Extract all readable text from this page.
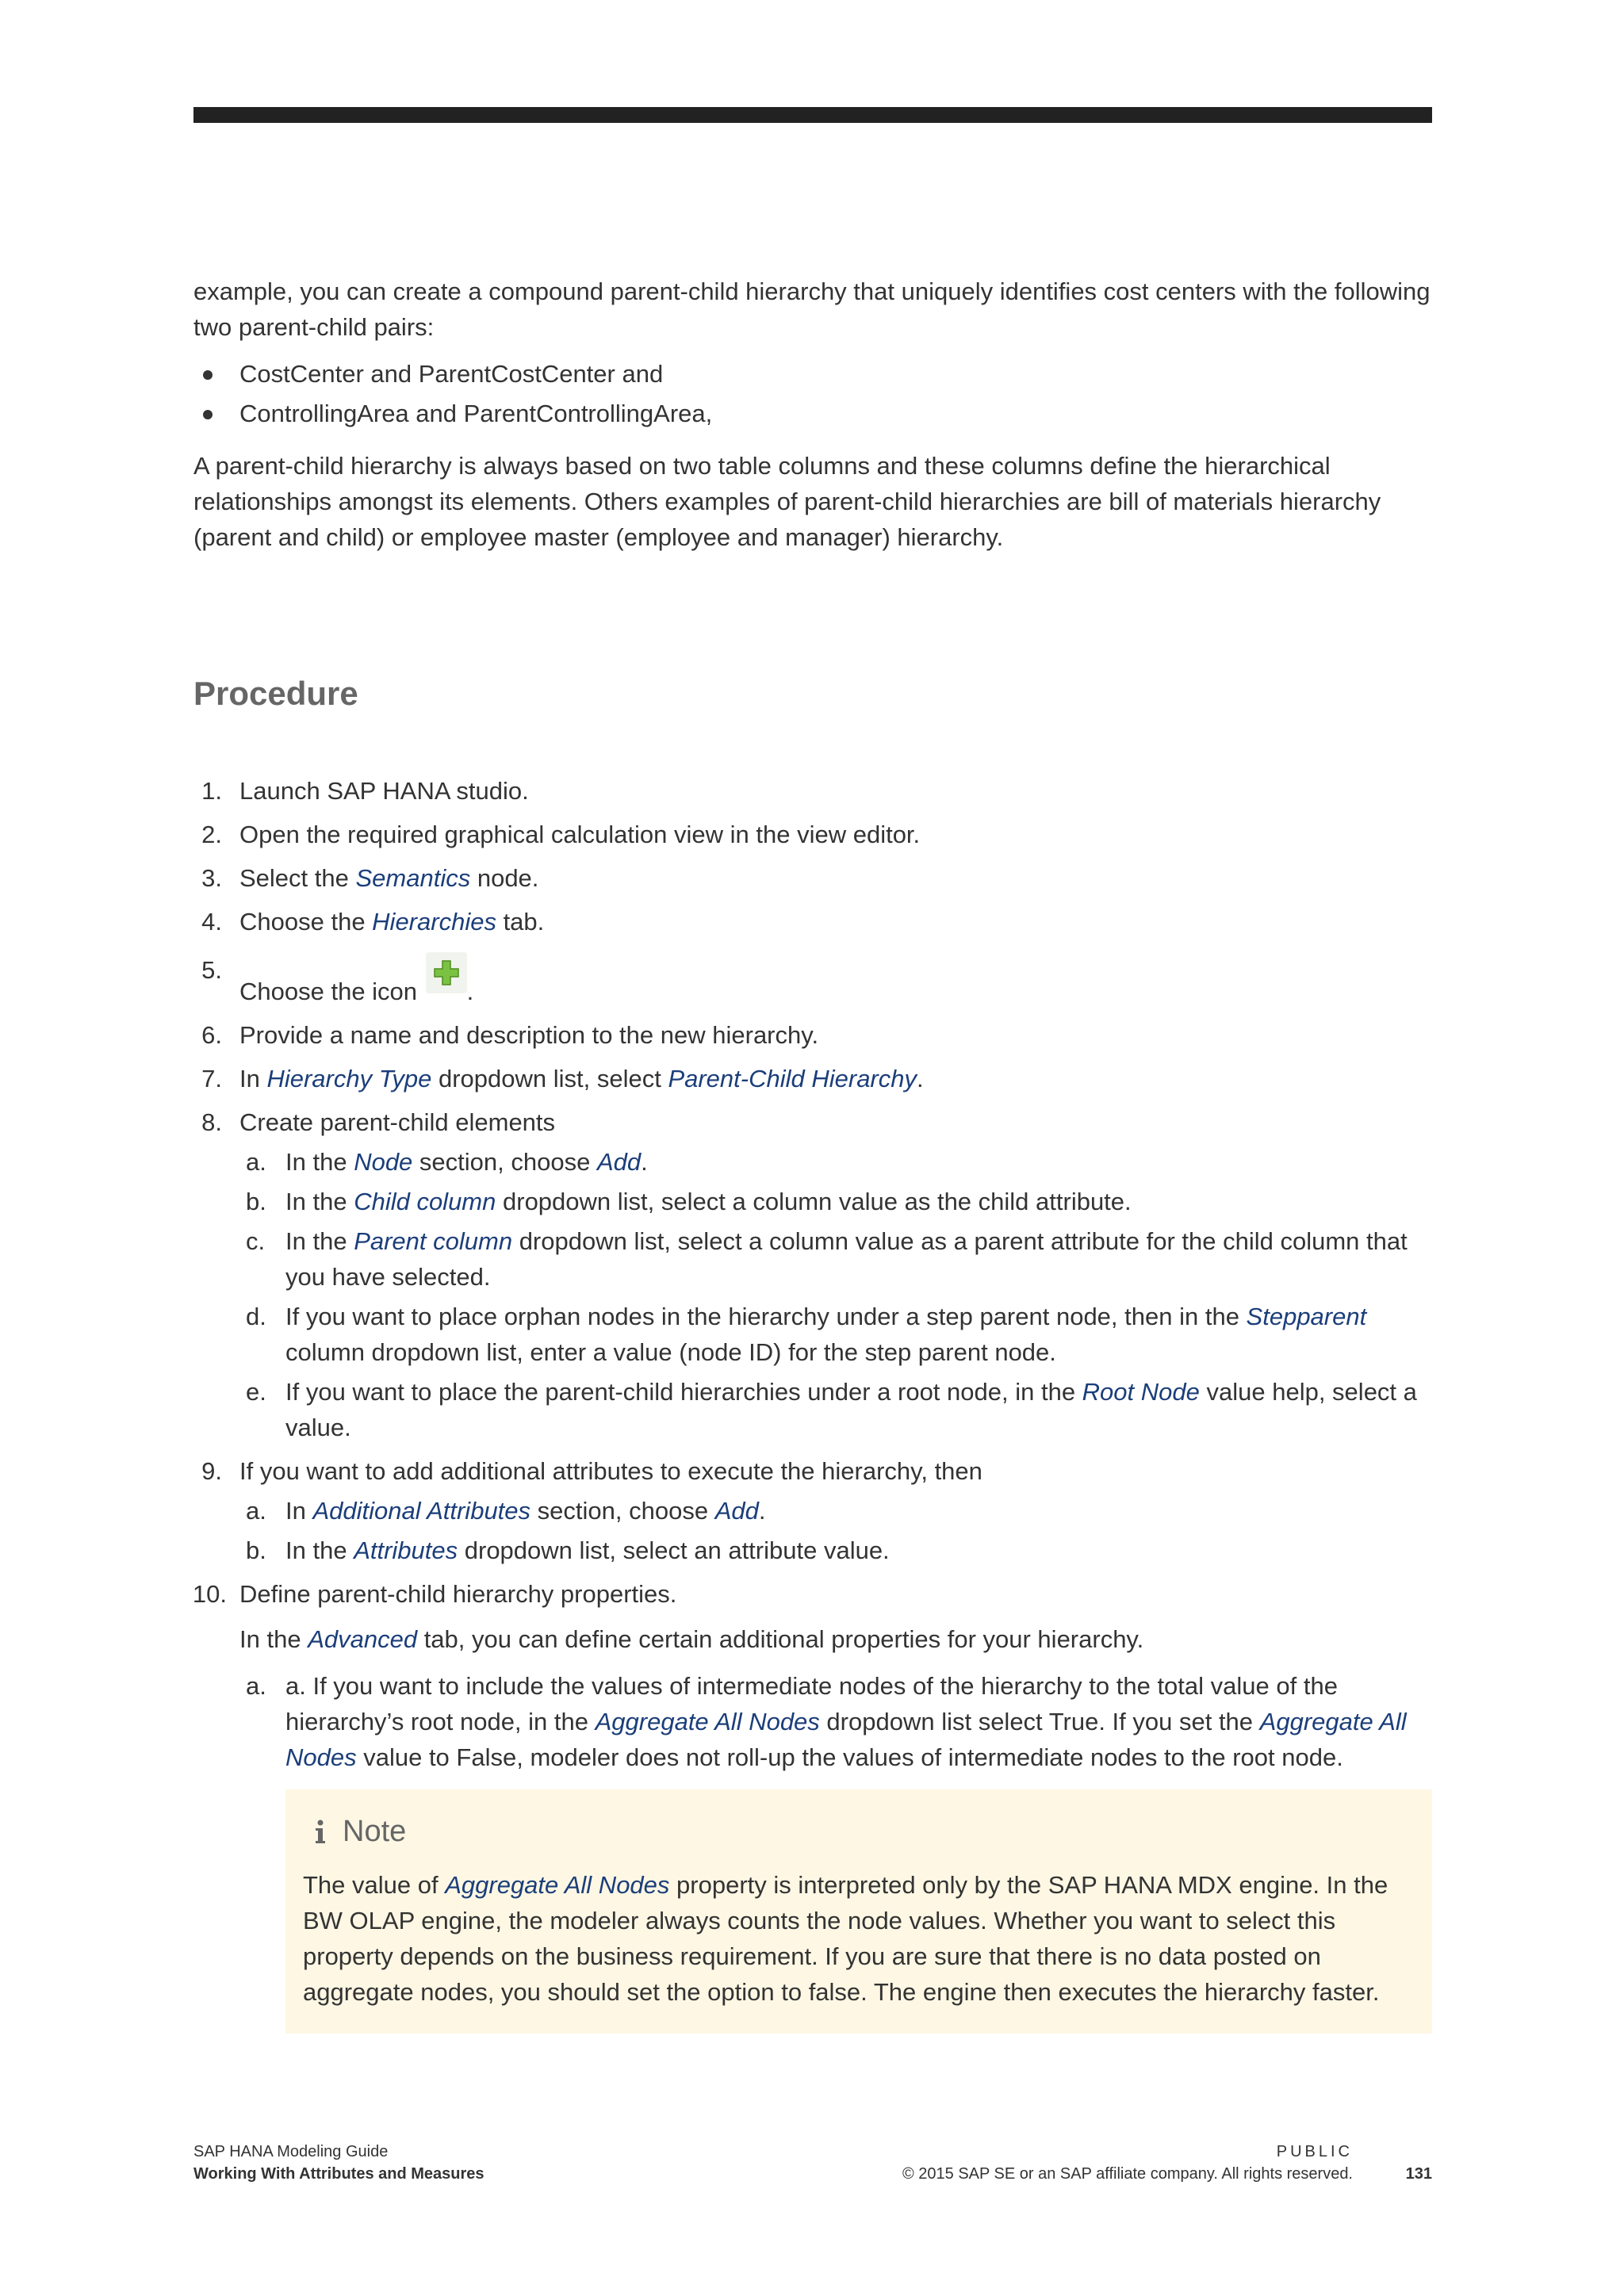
example, you can create a compound parent-child hierarchy that uniquely identifies cost centers with the following two parent-child pairs:

CostCenter and ParentCostCenter and
ControllingArea and ParentControllingArea,

A parent-child hierarchy is always based on two table columns and these columns define the hierarchical relationships amongst its elements. Others examples of parent-child hierarchies are bill of materials hierarchy (parent and child) or employee master (employee and manager) hierarchy.

Procedure
1. Launch SAP HANA studio.
2. Open the required graphical calculation view in the view editor.
3. Select the Semantics node.
4. Choose the Hierarchies tab.
5.
Choose the icon
.
6. Provide a name and description to the new hierarchy.
7. In Hierarchy Type dropdown list, select Parent-Child Hierarchy.
8. Create parent-child elements
a. In the Node section, choose Add.
b. In the Child column dropdown list, select a column value as the child attribute.
c. In the Parent column dropdown list, select a column value as a parent attribute for the child column that you have selected.
d. If you want to place orphan nodes in the hierarchy under a step parent node, then in the Stepparent column dropdown list, enter a value (node ID) for the step parent node.
e. If you want to place the parent-child hierarchies under a root node, in the Root Node value help, select a value.
9. If you want to add additional attributes to execute the hierarchy, then
a. In Additional Attributes section, choose Add.
b. In the Attributes dropdown list, select an attribute value.
10. Define parent-child hierarchy properties.

In the Advanced tab, you can define certain additional properties for your hierarchy.

a. a. If you want to include the values of intermediate nodes of the hierarchy to the total value of the hierarchy’s root node, in the Aggregate All Nodes dropdown list select True. If you set the Aggregate All Nodes value to False, modeler does not roll-up the values of intermediate nodes to the root node.
Note
The value of Aggregate All Nodes property is interpreted only by the SAP HANA MDX engine. In the BW OLAP engine, the modeler always counts the node values. Whether you want to select this property depends on the business requirement. If you are sure that there is no data posted on aggregate nodes, you should set the option to false. The engine then executes the hierarchy faster.
SAP HANA Modeling Guide
Working With Attributes and Measures
PUBLIC
© 2015 SAP SE or an SAP affiliate company. All rights reserved.	131
